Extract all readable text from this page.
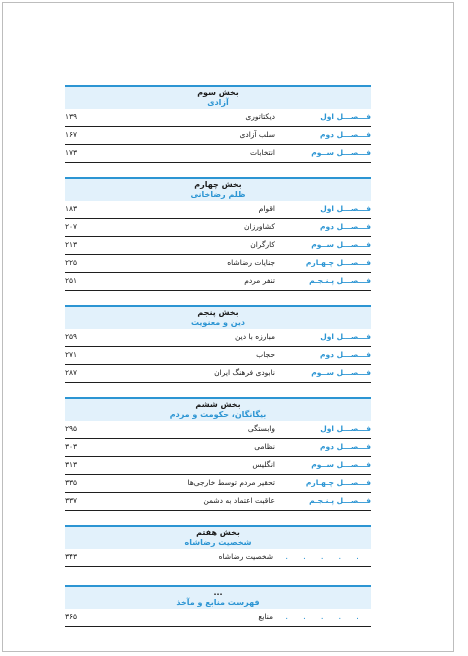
بخش سوم
آزادی
فـــصـــل اول
دیکتاتوری
۱۳۹
فـــصـــل دوم
سلب آزادی
۱۶۷
فـــصـــل ســوم
انتخابات
۱۷۳
بخش چهارم
ظلم رضاخانی
فـــصـــل اول
اقوام
۱۸۳
فـــصـــل دوم
کشاورزان
۲۰۷
فـــصـــل ســوم
کارگران
۲۱۳
فـــصـــل چـهـارم
جنایات رضاشاه
۲۲۵
فـــصـــل پـنـجـم
تنفر مردم
۲۵۱
بخش پنجم
دین و معنویت
فـــصـــل اول
مبارزه با دین
۲۵۹
فـــصـــل دوم
حجاب
۲۷۱
فـــصـــل ســوم
نابودی فرهنگ ایران
۲۸۷
بخش ششم
بیگانگان، حکومت و مردم
فـــصـــل اول
وابستگی
۲۹۵
فـــصـــل دوم
نظامی
۳۰۳
فـــصـــل ســوم
انگلیس
۳۱۳
فـــصـــل چـهـارم
تحقیر مردم توسط خارجی‌ها
۳۳۵
فـــصـــل پـنـجـم
عاقبت اعتماد به دشمن
۳۳۷
بخش هفتم
شخصیت رضاشاه
. . . . .
شخصیت رضاشاه
۳۴۳
...
فهرست منابع و مآخذ
. . . . .
منابع
۳۶۵
